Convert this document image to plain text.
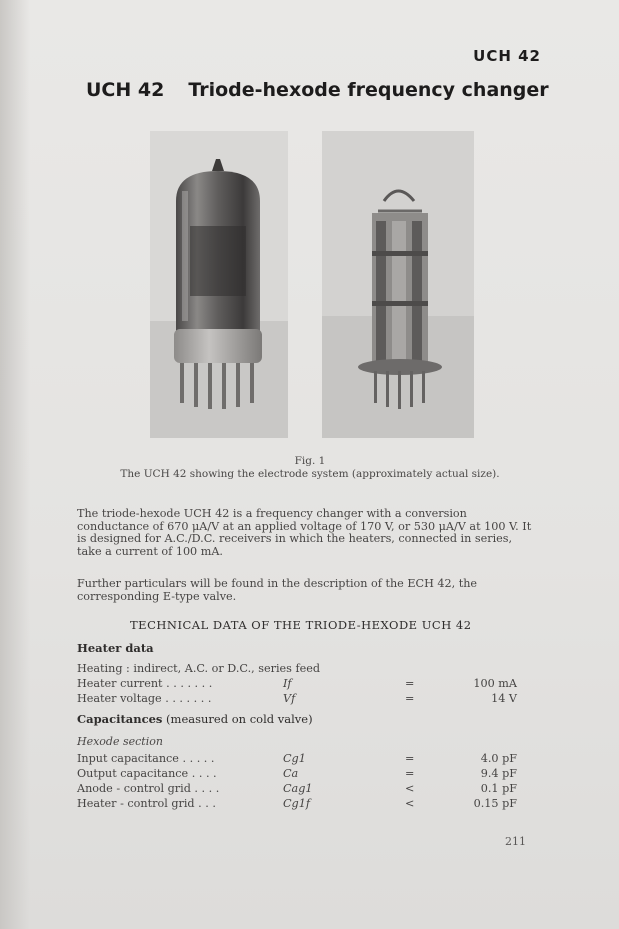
UCH 42
UCH 42 Triode-hexode frequency changer
Fig. 1
The UCH 42 showing the electrode system (approximately actual size).
The triode-hexode UCH 42 is a frequency changer with a conversion conductance of 670 μA/V at an applied voltage of 170 V, or 530 μA/V at 100 V. It is designed for A.C./D.C. receivers in which the heaters, connected in series, take a current of 100 mA.
Further particulars will be found in the description of the ECH 42, the corresponding E-type valve.
TECHNICAL DATA OF THE TRIODE-HEXODE UCH 42
Heater data
Heating : indirect, A.C. or D.C., series feed
Heater current . . . . . . .	If	=	100 mA
Heater voltage . . . . . . .	Vf	=	14 V
Capacitances (measured on cold valve)
Hexode section
Input capacitance . . . . .	Cg1	=	4.0 pF
Output capacitance . . . .	Ca	=	9.4 pF
Anode - control grid . . . .	Cag1	<	0.1 pF
Heater - control grid . . .	Cg1f	<	0.15 pF
211
